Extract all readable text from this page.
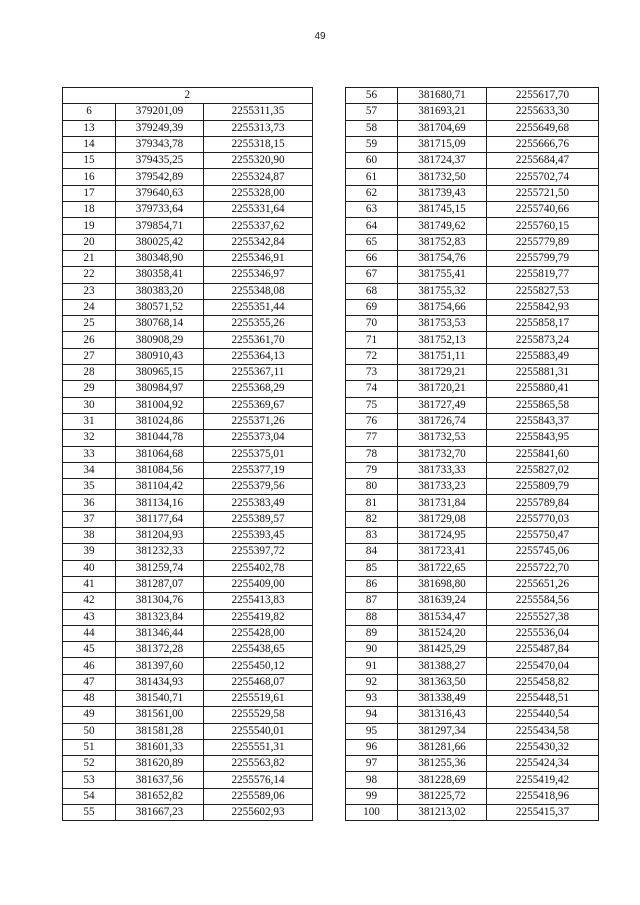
49
2		
6	379201,09	2255311,35
13	379249,39	2255313,73
14	379343,78	2255318,15
15	379435,25	2255320,90
16	379542,89	2255324,87
17	379640,63	2255328,00
18	379733,64	2255331,64
19	379854,71	2255337,62
20	380025,42	2255342,84
21	380348,90	2255346,91
22	380358,41	2255346,97
23	380383,20	2255348,08
24	380571,52	2255351,44
25	380768,14	2255355,26
26	380908,29	2255361,70
27	380910,43	2255364,13
28	380965,15	2255367,11
29	380984,97	2255368,29
30	381004,92	2255369,67
31	381024,86	2255371,26
32	381044,78	2255373,04
33	381064,68	2255375,01
34	381084,56	2255377,19
35	381104,42	2255379,56
36	381134,16	2255383,49
37	381177,64	2255389,57
38	381204,93	2255393,45
39	381232,33	2255397,72
40	381259,74	2255402,78
41	381287,07	2255409,00
42	381304,76	2255413,83
43	381323,84	2255419,82
44	381346,44	2255428,00
45	381372,28	2255438,65
46	381397,60	2255450,12
47	381434,93	2255468,07
48	381540,71	2255519,61
49	381561,00	2255529,58
50	381581,28	2255540,01
51	381601,33	2255551,31
52	381620,89	2255563,82
53	381637,56	2255576,14
54	381652,82	2255589,06
55	381667,23	2255602,93
56	381680,71	2255617,70
57	381693,21	2255633,30
58	381704,69	2255649,68
59	381715,09	2255666,76
60	381724,37	2255684,47
61	381732,50	2255702,74
62	381739,43	2255721,50
63	381745,15	2255740,66
64	381749,62	2255760,15
65	381752,83	2255779,89
66	381754,76	2255799,79
67	381755,41	2255819,77
68	381755,32	2255827,53
69	381754,66	2255842,93
70	381753,53	2255858,17
71	381752,13	2255873,24
72	381751,11	2255883,49
73	381729,21	2255881,31
74	381720,21	2255880,41
75	381727,49	2255865,58
76	381726,74	2255843,37
77	381732,53	2255843,95
78	381732,70	2255841,60
79	381733,33	2255827,02
80	381733,23	2255809,79
81	381731,84	2255789,84
82	381729,08	2255770,03
83	381724,95	2255750,47
84	381723,41	2255745,06
85	381722,65	2255722,70
86	381698,80	2255651,26
87	381639,24	2255584,56
88	381534,47	2255527,38
89	381524,20	2255536,04
90	381425,29	2255487,84
91	381388,27	2255470,04
92	381363,50	2255458,82
93	381338,49	2255448,51
94	381316,43	2255440,54
95	381297,34	2255434,58
96	381281,66	2255430,32
97	381255,36	2255424,34
98	381228,69	2255419,42
99	381225,72	2255418,96
100	381213,02	2255415,37
